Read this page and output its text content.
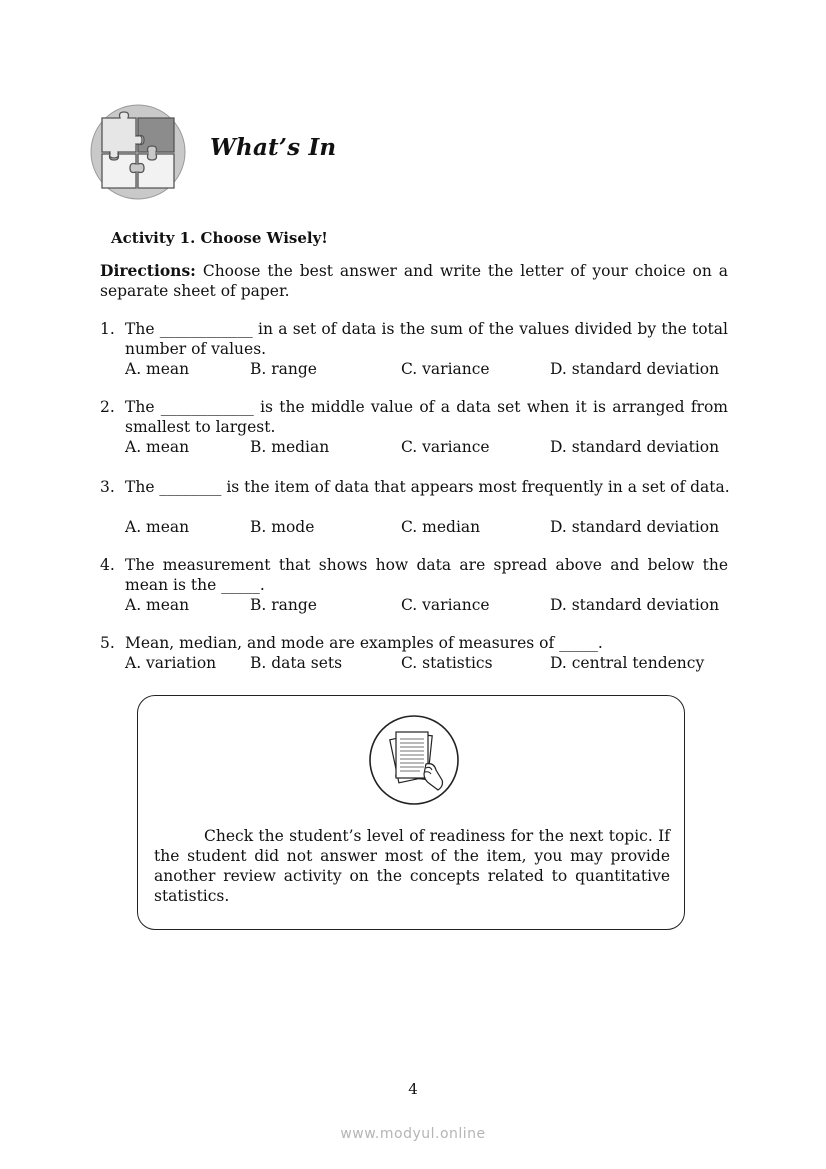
What’s In
Activity 1. Choose Wisely!
Directions: Choose the best answer and write the letter of your choice on a separate sheet of paper.
1. The ____________ in a set of data is the sum of the values divided by the total number of values.
A. mean	B. range	C. variance	D. standard deviation
2. The ____________ is the middle value of a data set when it is arranged from smallest to largest.
A. mean	B. median	C. variance	D. standard deviation
3. The ________ is the item of data that appears most frequently in a set of data.
A. mean	B. mode	C. median	D. standard deviation
4. The measurement that shows how data are spread above and below the mean is the _____.
A. mean	B. range	C. variance	D. standard deviation
5. Mean, median, and mode are examples of measures of _____.
A. variation B. data sets	C. statistics	D. central tendency
Check the student’s level of readiness for the next topic. If the student did not answer most of the item, you may provide another review activity on the concepts related to quantitative statistics.
4
www.modyul.online
